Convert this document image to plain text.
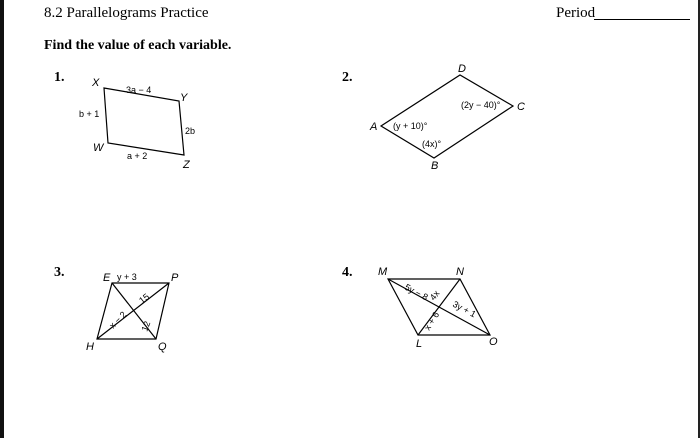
8.2 Parallelograms Practice	Period
Find the value of each variable.
1.	2.
3.	4.
X
Y
W
Z
3a − 4
b + 1
2b
a + 2
D
C
A
B
(2y − 40)°
(y + 10)°
(4x)°
E	P
H	Q
y + 3
15
12
x − 2
M	N
L	O
5y − 8
4x
x + 6
3y + 1
